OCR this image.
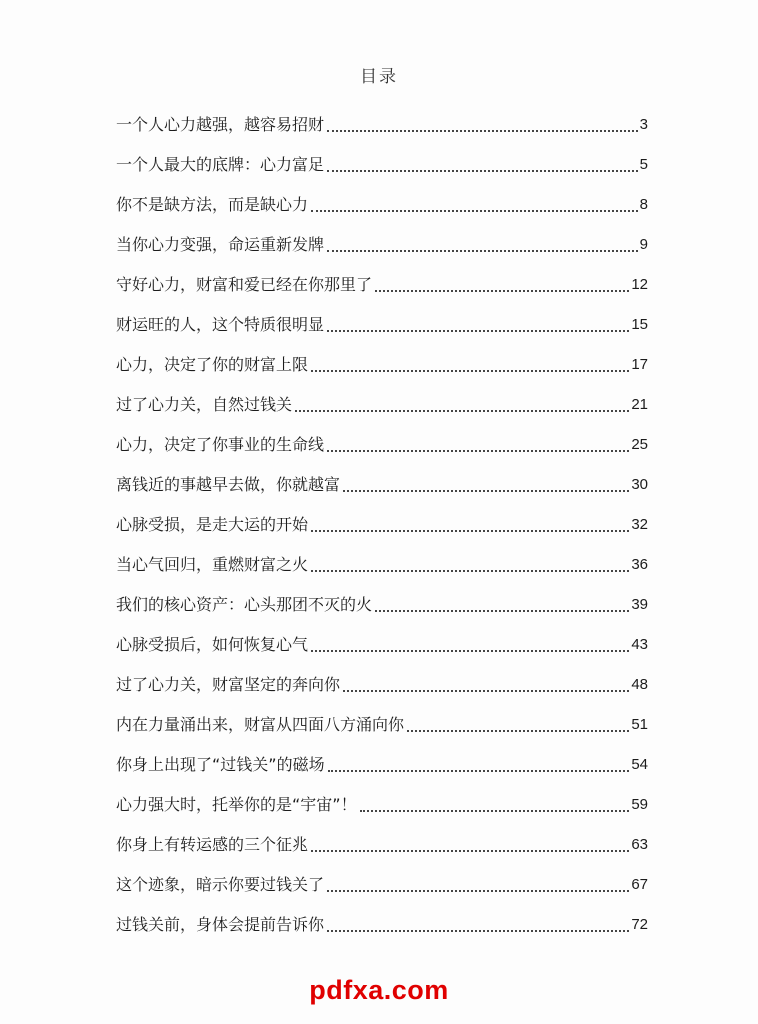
目录
一个人心力越强，越容易招财	3
一个人最大的底牌：心力富足	5
你不是缺方法，而是缺心力	8
当你心力变强，命运重新发牌	9
守好心力，财富和爱已经在你那里了	12
财运旺的人，这个特质很明显	15
心力，决定了你的财富上限	17
过了心力关，自然过钱关	21
心力，决定了你事业的生命线	25
离钱近的事越早去做，你就越富	30
心脉受损，是走大运的开始	32
当心气回归，重燃财富之火	36
我们的核心资产：心头那团不灭的火	39
心脉受损后，如何恢复心气	43
过了心力关，财富坚定的奔向你	48
内在力量涌出来，财富从四面八方涌向你	51
你身上出现了“过钱关”的磁场	54
心力强大时，托举你的是“宇宙”！	59
你身上有转运感的三个征兆	63
这个迹象，暗示你要过钱关了	67
过钱关前，身体会提前告诉你	72
pdfxa.com
